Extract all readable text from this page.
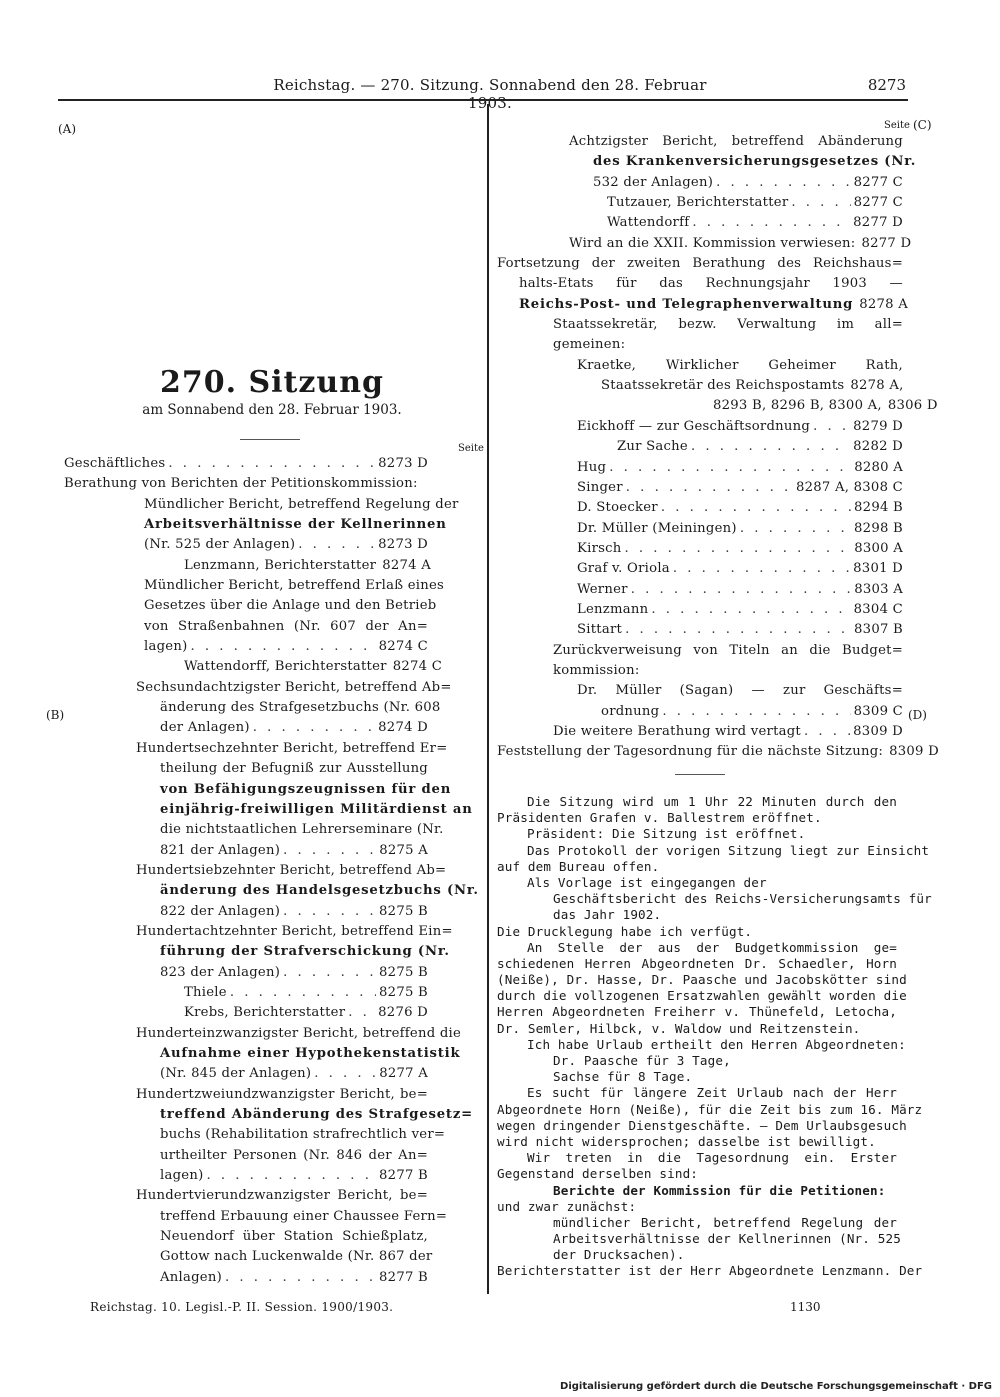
Reichstag. — 270. Sitzung. Sonnabend den 28. Februar 1903.
8273
(A)
(B)
(C)
(D)
Seite
Seite
270. Sitzung
am Sonnabend den 28. Februar 1903.
Geschäftliches . . .	8273 D
Berathung von Berichten der Petitionskommission:
Mündlicher Bericht, betreffend Regelung der
Arbeitsverhältnisse der Kellnerinnen
(Nr. 525 der Anlagen) . . .	8273 D
Lenzmann, Berichterstatter 8274 A
Mündlicher Bericht, betreffend Erlaß eines
Gesetzes über die Anlage und den Betrieb
von Straßenbahnen (Nr. 607 der An=
lagen) . . .	8274 C
Wattendorff, Berichterstatter 8274 C
Sechsundachtzigster Bericht, betreffend Ab=
änderung des Strafgesetzbuchs (Nr. 608
der Anlagen) . . .	8274 D
Hundertsechzehnter Bericht, betreffend Er=
theilung der Befugniß zur Ausstellung
von Befähigungszeugnissen für den
einjährig-freiwilligen Militärdienst an
die nichtstaatlichen Lehrerseminare (Nr.
821 der Anlagen) . . .	8275 A
Hundertsiebzehnter Bericht, betreffend Ab=
änderung des Handelsgesetzbuchs (Nr.
822 der Anlagen) . . .	8275 B
Hundertachtzehnter Bericht, betreffend Ein=
führung der Strafverschickung (Nr.
823 der Anlagen) . . .	8275 B
Thiele . . .	8275 B
Krebs, Berichterstatter . . . 8276 D
Hunderteinzwanzigster Bericht, betreffend die
Aufnahme einer Hypothekenstatistik
(Nr. 845 der Anlagen) . . .	8277 A
Hundertzweiundzwanzigster Bericht, be=
treffend Abänderung des Strafgesetz=
buchs (Rehabilitation strafrechtlich ver=
urtheilter Personen (Nr. 846 der An=
lagen) . . .	8277 B
Hundertvierundzwanzigster Bericht, be=
treffend Erbauung einer Chaussee Fern=
Neuendorf über Station Schießplatz,
Gottow nach Luckenwalde (Nr. 867 der
Anlagen) . . .	8277 B
Achtzigster Bericht, betreffend Abänderung
des Krankenversicherungsgesetzes (Nr.
532 der Anlagen) . . .	8277 C
Tutzauer, Berichterstatter . . .	8277 C
Wattendorff . . .	8277 D
Wird an die XXII. Kommission verwiesen: 8277 D
Fortsetzung der zweiten Berathung des Reichshaus=
halts-Etats für das Rechnungsjahr 1903 —
Reichs-Post- und Telegraphenverwaltung 8278 A
Staatssekretär, bezw. Verwaltung im all=
gemeinen:
Kraetke, Wirklicher Geheimer Rath,
Staatssekretär des Reichspostamts 8278 A,
8293 B, 8296 B, 8300 A, 8306 D
Eickhoff — zur Geschäftsordnung . . .	8279 D
Zur Sache . . .	8282 D
Hug . . .	8280 A
Singer . . .	8287 A, 8308 C
D. Stoecker . . .	8294 B
Dr. Müller (Meiningen) . . .	8298 B
Kirsch . . .	8300 A
Graf v. Oriola . . .	8301 D
Werner . . .	8303 A
Lenzmann . . .	8304 C
Sittart . . .	8307 B
Zurückverweisung von Titeln an die Budget=
kommission:
Dr. Müller (Sagan) — zur Geschäfts=
ordnung . . .	8309 C
Die weitere Berathung wird vertagt . . .	8309 D
Feststellung der Tagesordnung für die nächste Sitzung: 8309 D
Die Sitzung wird um 1 Uhr 22 Minuten durch den
Präsidenten Grafen v. Ballestrem eröffnet.
Präsident: Die Sitzung ist eröffnet.
Das Protokoll der vorigen Sitzung liegt zur Einsicht
auf dem Bureau offen.
Als Vorlage ist eingegangen der
Geschäftsbericht des Reichs-Versicherungsamts für
das Jahr 1902.
Die Drucklegung habe ich verfügt.
An Stelle der aus der Budgetkommission ge=
schiedenen Herren Abgeordneten Dr. Schaedler, Horn
(Neiße), Dr. Hasse, Dr. Paasche und Jacobskötter sind
durch die vollzogenen Ersatzwahlen gewählt worden die
Herren Abgeordneten Freiherr v. Thünefeld, Letocha,
Dr. Semler, Hilbck, v. Waldow und Reitzenstein.
Ich habe Urlaub ertheilt den Herren Abgeordneten:
Dr. Paasche für 3 Tage,
Sachse für 8 Tage.
Es sucht für längere Zeit Urlaub nach der Herr
Abgeordnete Horn (Neiße), für die Zeit bis zum 16. März
wegen dringender Dienstgeschäfte. — Dem Urlaubsgesuch
wird nicht widersprochen; dasselbe ist bewilligt.
Wir treten in die Tagesordnung ein. Erster
Gegenstand derselben sind:
Berichte der Kommission für die Petitionen:
und zwar zunächst:
mündlicher Bericht, betreffend Regelung der
Arbeitsverhältnisse der Kellnerinnen (Nr. 525
der Drucksachen).
Berichterstatter ist der Herr Abgeordnete Lenzmann. Der
Reichstag. 10. Legisl.-P. II. Session. 1900/1903.	1130
Digitalisierung gefördert durch die Deutsche Forschungsgemeinschaft · DFG
